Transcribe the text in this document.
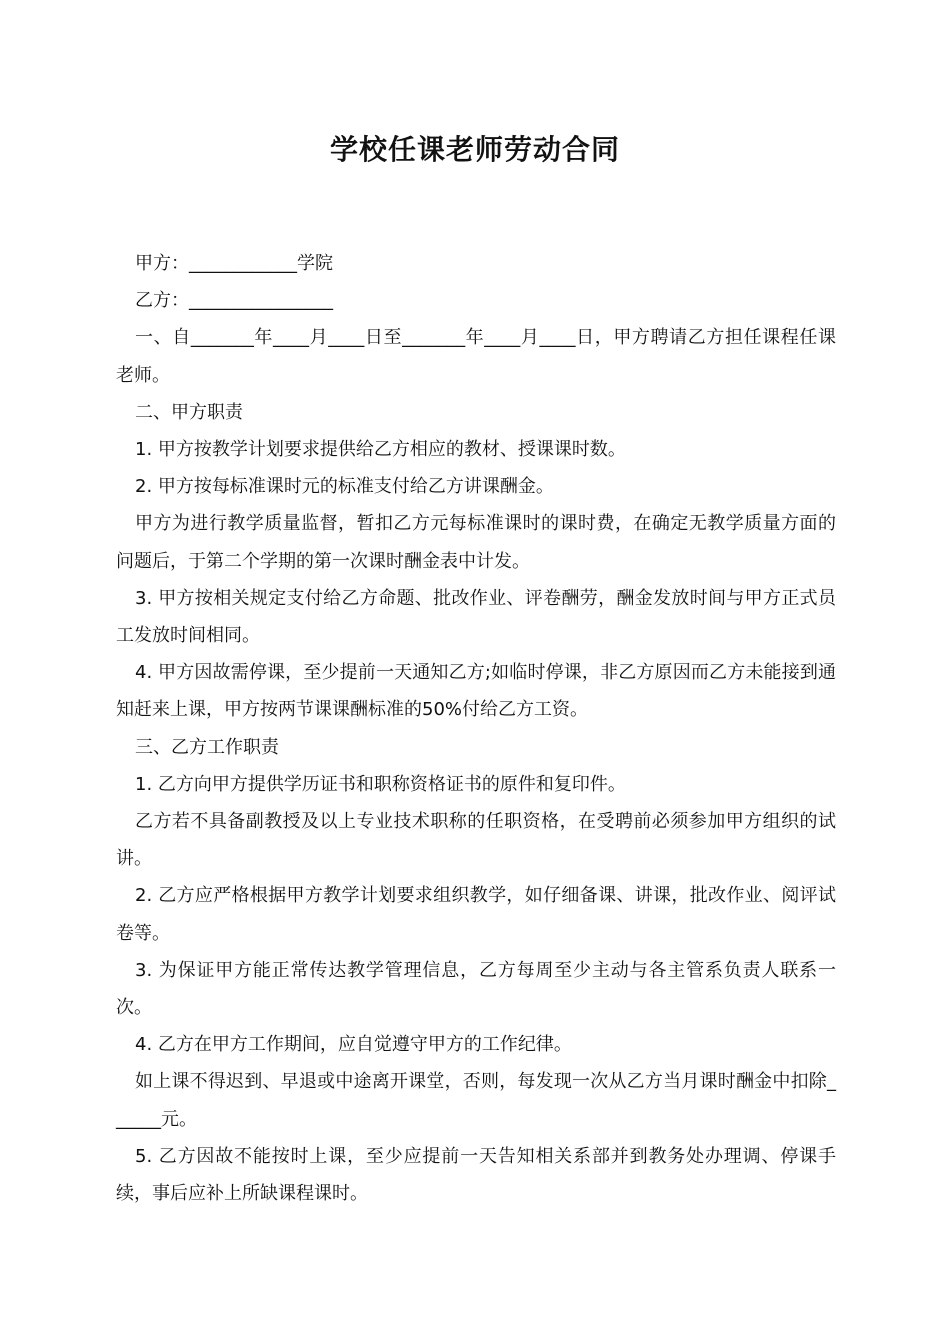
学校任课老师劳动合同

甲方：____________学院

乙方：________________

一、自_______年____月____日至_______年____月____日，甲方聘请乙方担任课程任课老师。

二、甲方职责

1. 甲方按教学计划要求提供给乙方相应的教材、授课课时数。

2. 甲方按每标准课时元的标准支付给乙方讲课酬金。

甲方为进行教学质量监督，暂扣乙方元每标准课时的课时费，在确定无教学质量方面的问题后，于第二个学期的第一次课时酬金表中计发。

3. 甲方按相关规定支付给乙方命题、批改作业、评卷酬劳，酬金发放时间与甲方正式员工发放时间相同。

4. 甲方因故需停课，至少提前一天通知乙方;如临时停课，非乙方原因而乙方未能接到通知赶来上课，甲方按两节课课酬标准的50%付给乙方工资。

三、乙方工作职责

1. 乙方向甲方提供学历证书和职称资格证书的原件和复印件。

乙方若不具备副教授及以上专业技术职称的任职资格，在受聘前必须参加甲方组织的试讲。

2. 乙方应严格根据甲方教学计划要求组织教学，如仔细备课、讲课，批改作业、阅评试卷等。

3. 为保证甲方能正常传达教学管理信息，乙方每周至少主动与各主管系负责人联系一次。

4. 乙方在甲方工作期间，应自觉遵守甲方的工作纪律。

如上课不得迟到、早退或中途离开课堂，否则，每发现一次从乙方当月课时酬金中扣除______元。

5. 乙方因故不能按时上课，至少应提前一天告知相关系部并到教务处办理调、停课手续，事后应补上所缺课程课时。
